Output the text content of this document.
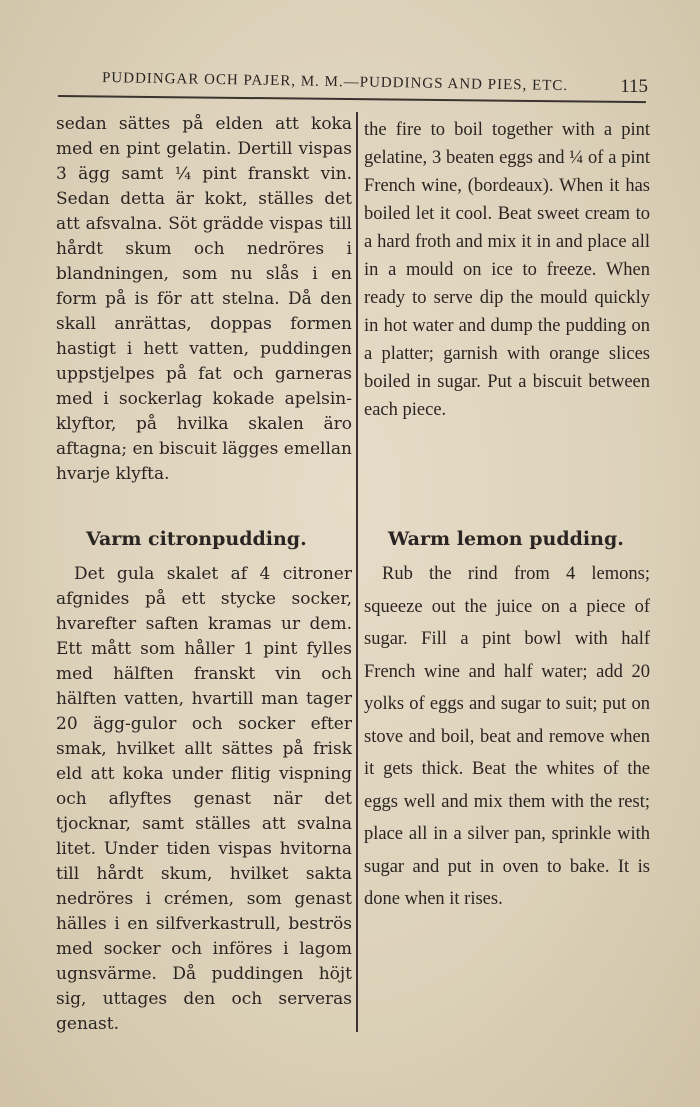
PUDDINGAR OCH PAJER, M. M.—PUDDINGS AND PIES, ETC.	115

sedan sättes på elden att koka med en pint gelatin. Dertill vispas 3 ägg samt ¼ pint franskt vin. Sedan detta är kokt, ställes det att afsvalna. Söt grädde vispas till hårdt skum och nedröres i blandningen, som nu slås i en form på is för att stelna. Då den skall anrättas, doppas formen hastigt i hett vatten, puddingen uppstjelpes på fat och garneras med i sockerlag kokade apelsin-klyftor, på hvilka skalen äro aftagna; en biscuit lägges emellan hvarje klyfta.

the fire to boil together with a pint gelatine, 3 beaten eggs and ¼ of a pint French wine, (bordeaux). When it has boiled let it cool. Beat sweet cream to a hard froth and mix it in and place all in a mould on ice to freeze. When ready to serve dip the mould quickly in hot water and dump the pudding on a platter; garnish with orange slices boiled in sugar. Put a biscuit between each piece.

Varm citronpudding.	Warm lemon pudding.

Det gula skalet af 4 citroner afgnides på ett stycke socker, hvarefter saften kramas ur dem. Ett mått som håller 1 pint fylles med hälften franskt vin och hälften vatten, hvartill man tager 20 ägg-gulor och socker efter smak, hvilket allt sättes på frisk eld att koka under flitig vispning och aflyftes genast när det tjocknar, samt ställes att svalna litet. Under tiden vispas hvitorna till hårdt skum, hvilket sakta nedröres i crémen, som genast hälles i en silfverkastrull, beströs med socker och införes i lagom ugnsvärme. Då puddingen höjt sig, uttages den och serveras genast.

Rub the rind from 4 lemons; squeeze out the juice on a piece of sugar. Fill a pint bowl with half French wine and half water; add 20 yolks of eggs and sugar to suit; put on stove and boil, beat and remove when it gets thick. Beat the whites of the eggs well and mix them with the rest; place all in a silver pan, sprinkle with sugar and put in oven to bake. It is done when it rises.
